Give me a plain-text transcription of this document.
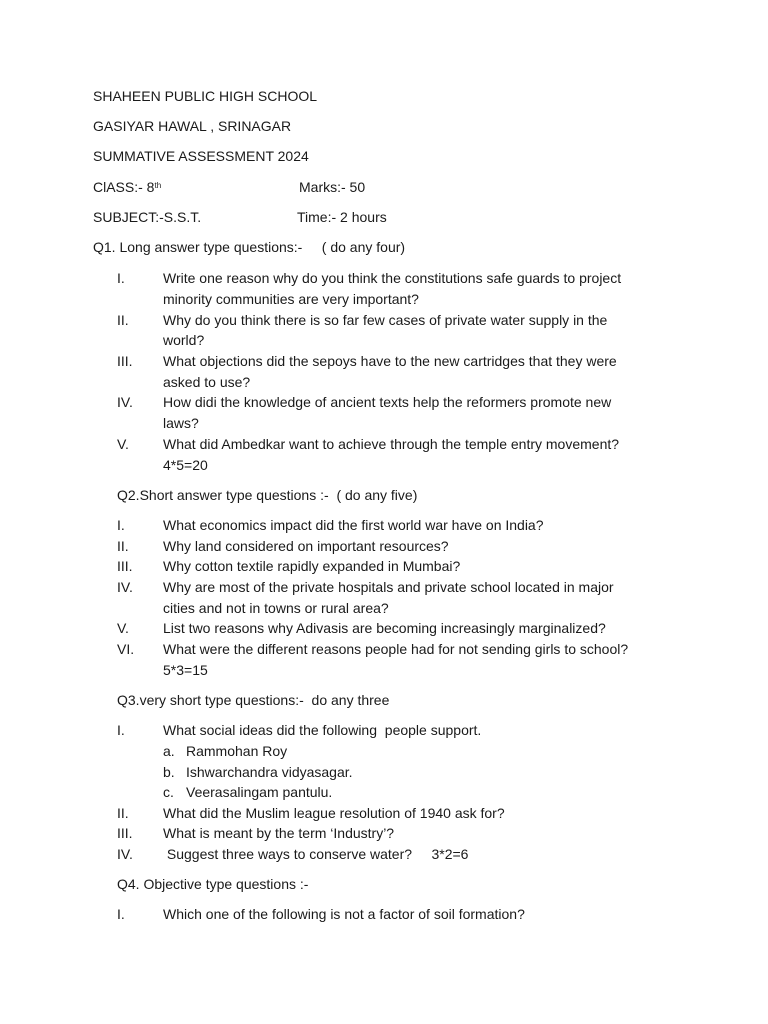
SHAHEEN PUBLIC HIGH SCHOOL
GASIYAR HAWAL , SRINAGAR
SUMMATIVE ASSESSMENT 2024
ClASS:- 8th	Marks:- 50
SUBJECT:-S.S.T.	Time:- 2 hours
Q1. Long answer type questions:-     ( do any four)
I.	Write one reason why do you think the constitutions safe guards to project
minority communities are very important?
II. Why do you think there is so far few cases of private water supply in the
world?
III. What objections did the sepoys have to the new cartridges that they were
asked to use?
IV. How didi the knowledge of ancient texts help the reformers promote new
laws?
V. What did Ambedkar want to achieve through the temple entry movement?
4*5=20
Q2.Short answer type questions :-  ( do any five)
I.	What economics impact did the first world war have on India?
II. Why land considered on important resources?
III. Why cotton textile rapidly expanded in Mumbai?
IV. Why are most of the private hospitals and private school located in major
cities and not in towns or rural area?
V. List two reasons why Adivasis are becoming increasingly marginalized?
VI. What were the different reasons people had for not sending girls to school?
5*3=15
Q3.very short type questions:-  do any three
I.	What social ideas did the following  people support.
a. Rammohan Roy
b. Ishwarchandra vidyasagar.
c. Veerasalingam pantulu.
II. What did the Muslim league resolution of 1940 ask for?
III. What is meant by the term ‘Industry’?
IV. Suggest three ways to conserve water?     3*2=6
Q4. Objective type questions :-
I.	Which one of the following is not a factor of soil formation?
